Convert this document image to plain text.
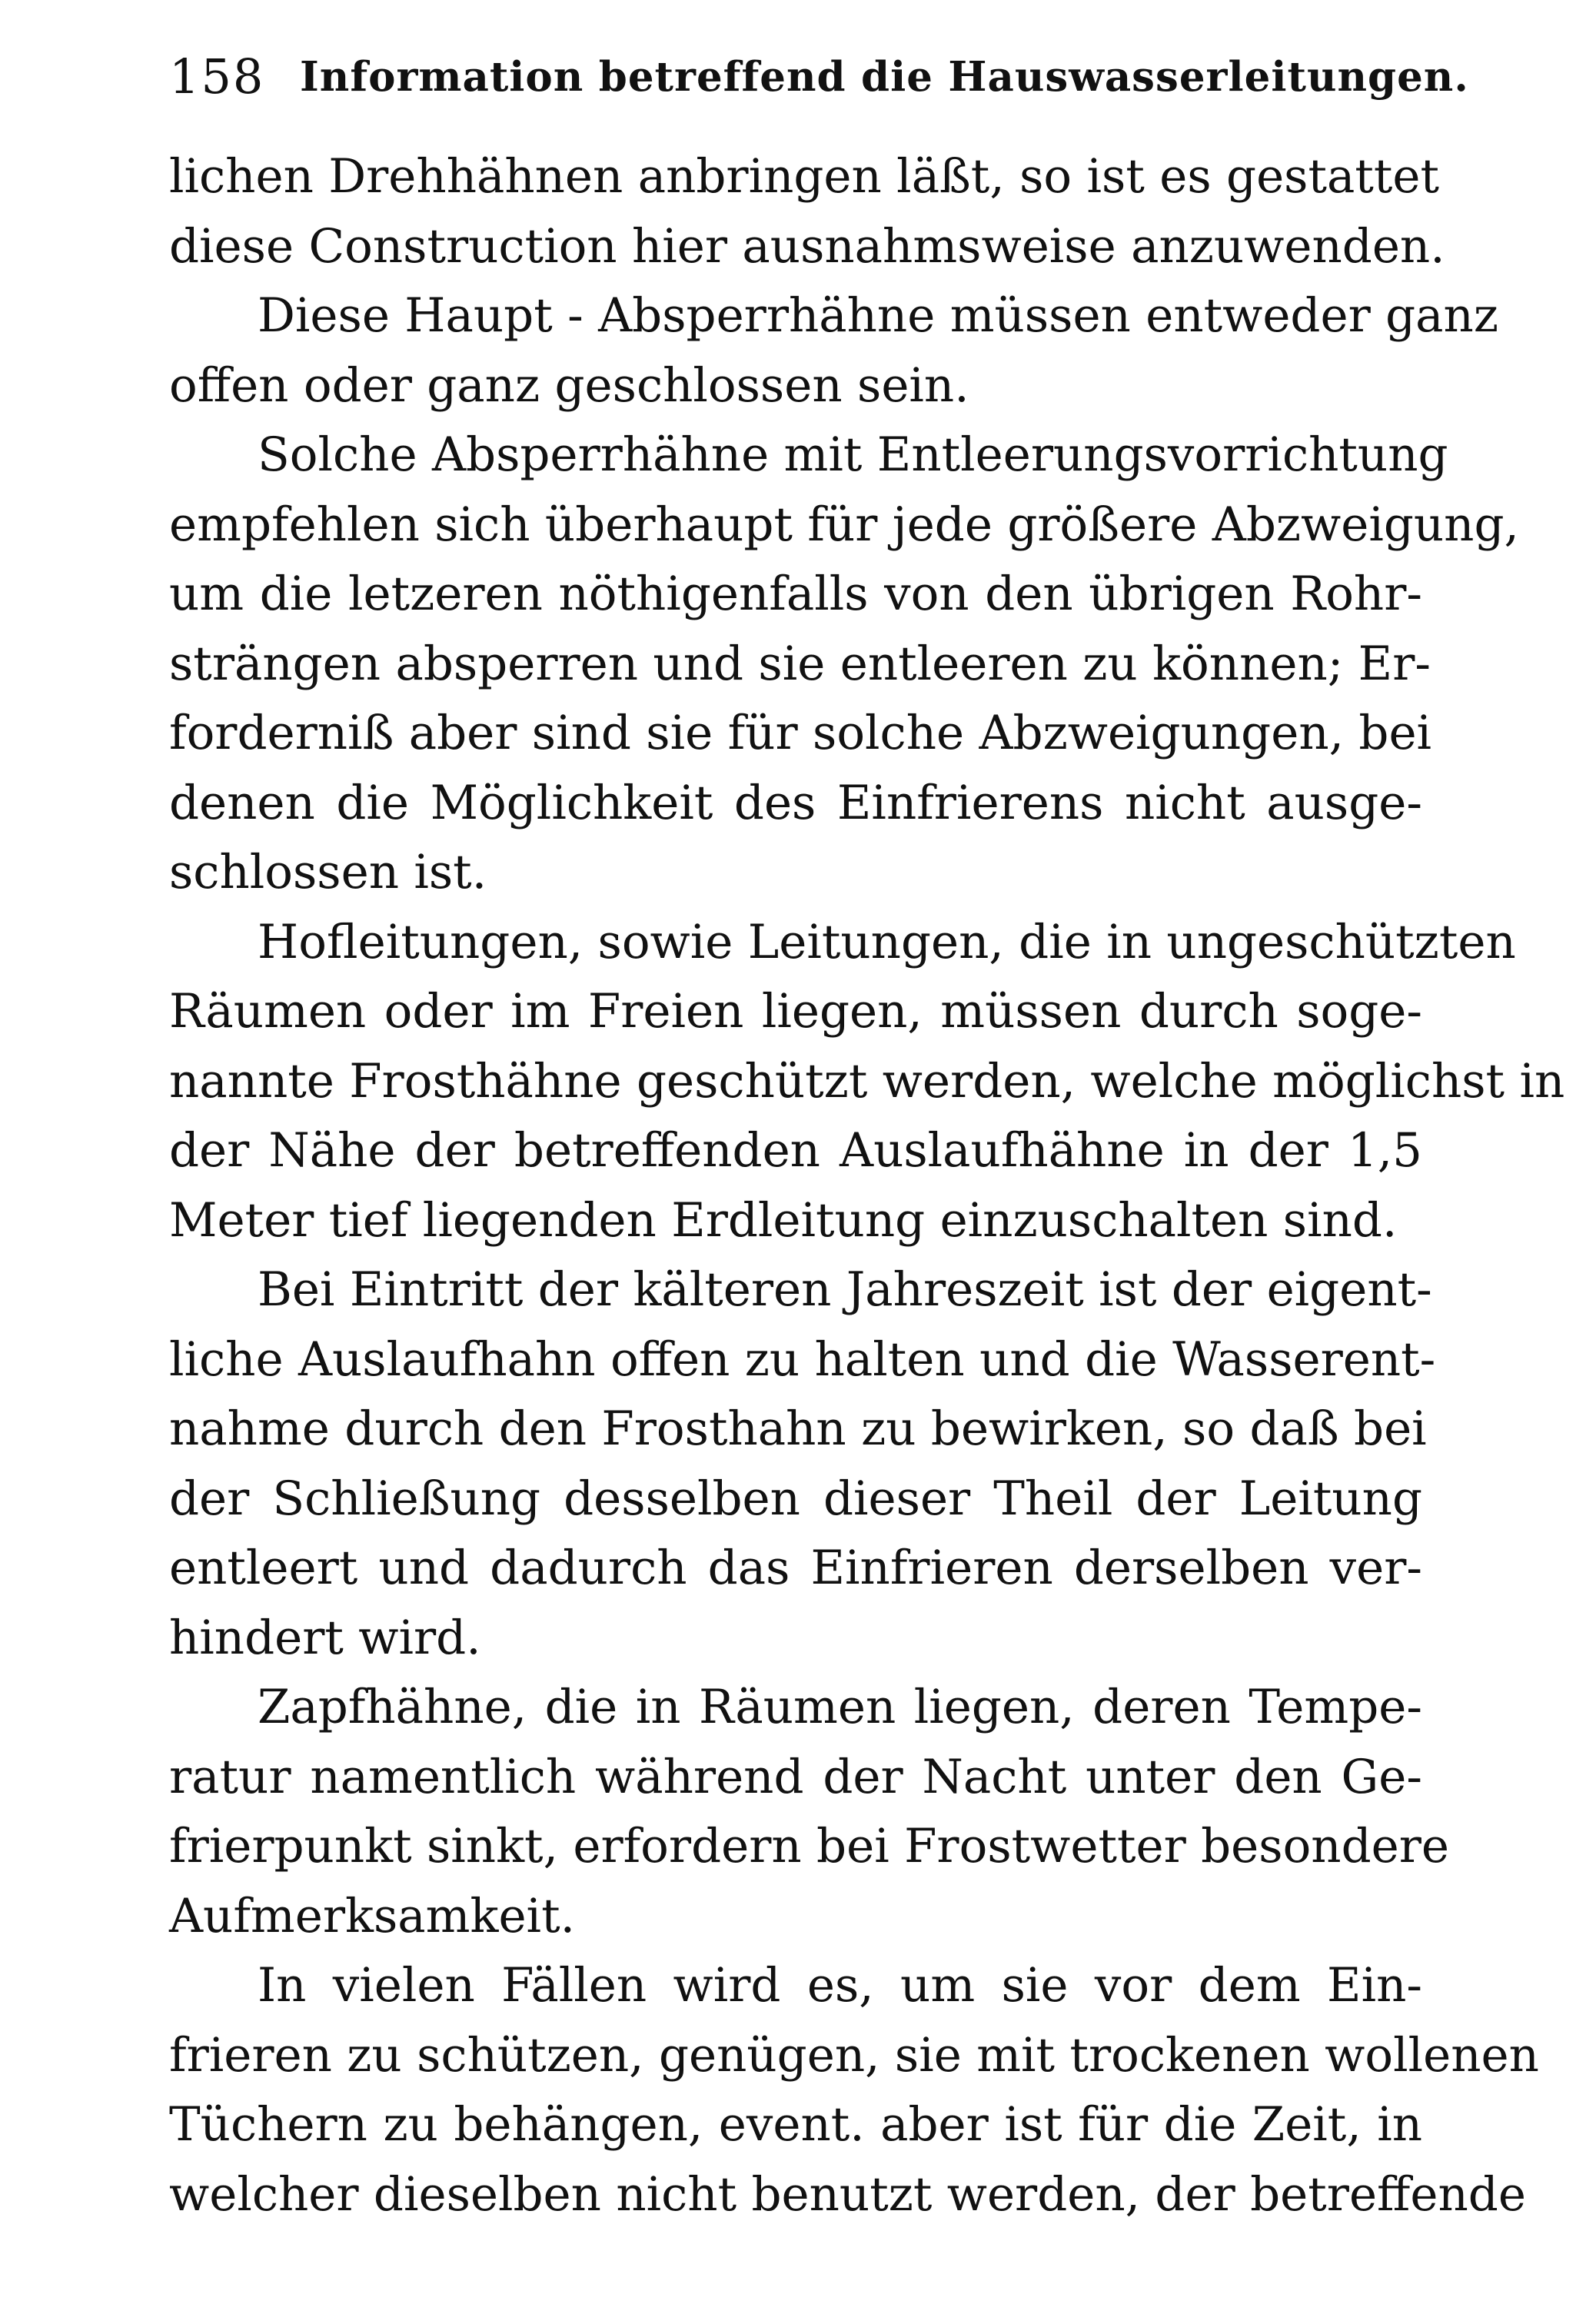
158 Information betreffend die Hauswasserleitungen.
lichen Drehhähnen anbringen läßt, so ist es gestattet
diese Construction hier ausnahmsweise anzuwenden.
Diese Haupt - Absperrhähne müssen entweder ganz
offen oder ganz geschlossen sein.
Solche Absperrhähne mit Entleerungsvorrichtung
empfehlen sich überhaupt für jede größere Abzweigung,
um die letzeren nöthigenfalls von den übrigen Rohr-
strängen absperren und sie entleeren zu können; Er-
forderniß aber sind sie für solche Abzweigungen, bei
denen die Möglichkeit des Einfrierens nicht ausge-
schlossen ist.
Hofleitungen, sowie Leitungen, die in ungeschützten
Räumen oder im Freien liegen, müssen durch soge-
nannte Frosthähne geschützt werden, welche möglichst in
der Nähe der betreffenden Auslaufhähne in der 1,5
Meter tief liegenden Erdleitung einzuschalten sind.
Bei Eintritt der kälteren Jahreszeit ist der eigent-
liche Auslaufhahn offen zu halten und die Wasserent-
nahme durch den Frosthahn zu bewirken, so daß bei
der Schließung desselben dieser Theil der Leitung
entleert und dadurch das Einfrieren derselben ver-
hindert wird.
Zapfhähne, die in Räumen liegen, deren Tempe-
ratur namentlich während der Nacht unter den Ge-
frierpunkt sinkt, erfordern bei Frostwetter besondere
Aufmerksamkeit.
In vielen Fällen wird es, um sie vor dem Ein-
frieren zu schützen, genügen, sie mit trockenen wollenen
Tüchern zu behängen, event. aber ist für die Zeit, in
welcher dieselben nicht benutzt werden, der betreffende
